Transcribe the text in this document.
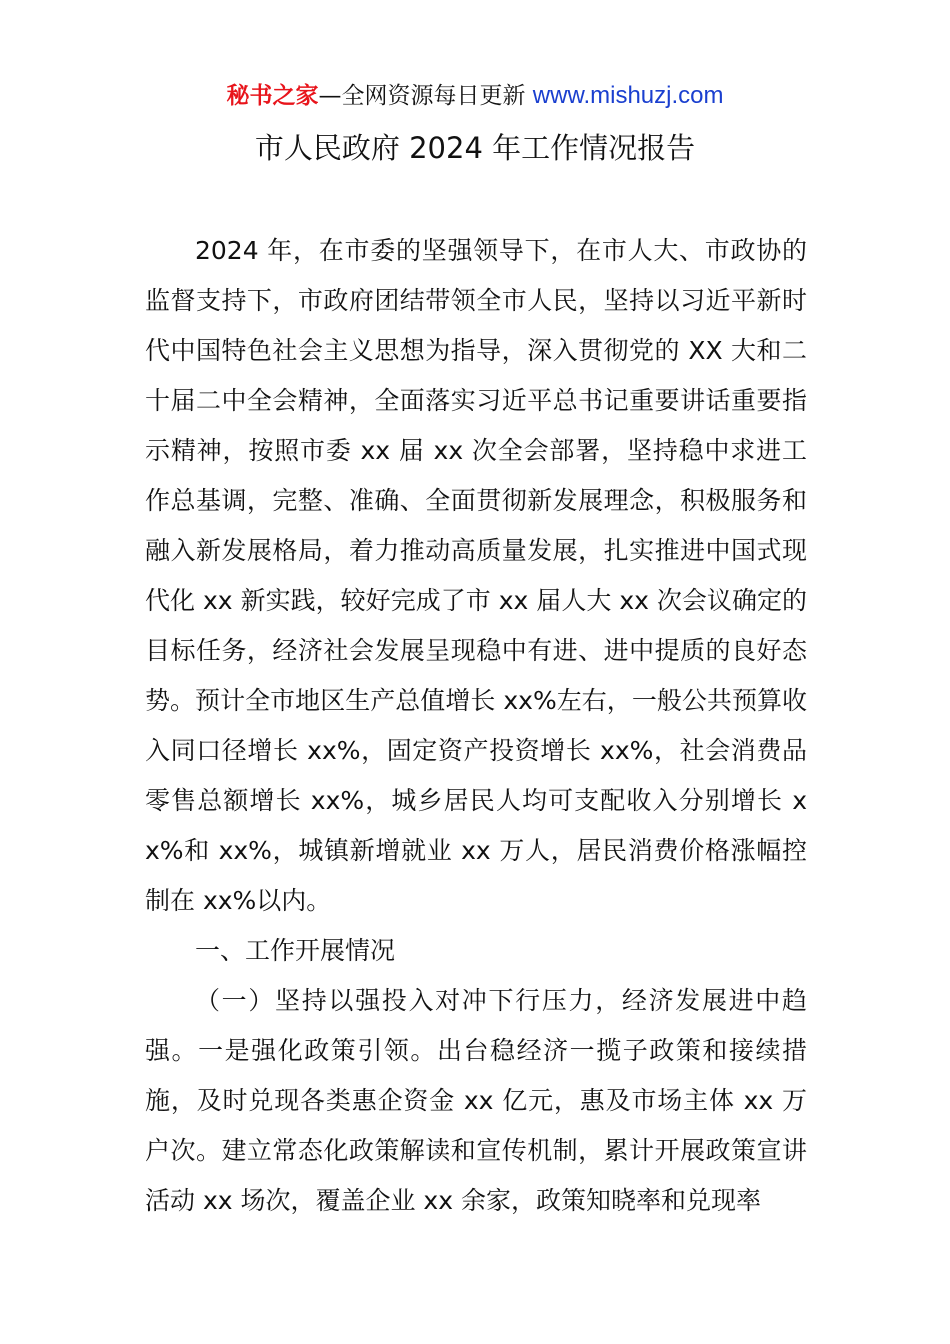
秘书之家—全网资源每日更新 www.mishuzj.com
市人民政府 2024 年工作情况报告

2024 年，在市委的坚强领导下，在市人大、市政协的监督支持下，市政府团结带领全市人民，坚持以习近平新时代中国特色社会主义思想为指导，深入贯彻党的 XX 大和二十届二中全会精神，全面落实习近平总书记重要讲话重要指示精神，按照市委 xx 届 xx 次全会部署，坚持稳中求进工作总基调，完整、准确、全面贯彻新发展理念，积极服务和融入新发展格局，着力推动高质量发展，扎实推进中国式现代化 xx 新实践，较好完成了市 xx 届人大 xx 次会议确定的目标任务，经济社会发展呈现稳中有进、进中提质的良好态势。预计全市地区生产总值增长 xx%左右，一般公共预算收入同口径增长 xx%，固定资产投资增长 xx%，社会消费品零售总额增长 xx%，城乡居民人均可支配收入分别增长 xx%和 xx%，城镇新增就业 xx 万人，居民消费价格涨幅控制在 xx%以内。

一、工作开展情况

（一）坚持以强投入对冲下行压力，经济发展进中趋强。一是强化政策引领。出台稳经济一揽子政策和接续措施，及时兑现各类惠企资金 xx 亿元，惠及市场主体 xx 万户次。建立常态化政策解读和宣传机制，累计开展政策宣讲活动 xx 场次，覆盖企业 xx 余家，政策知晓率和兑现率
